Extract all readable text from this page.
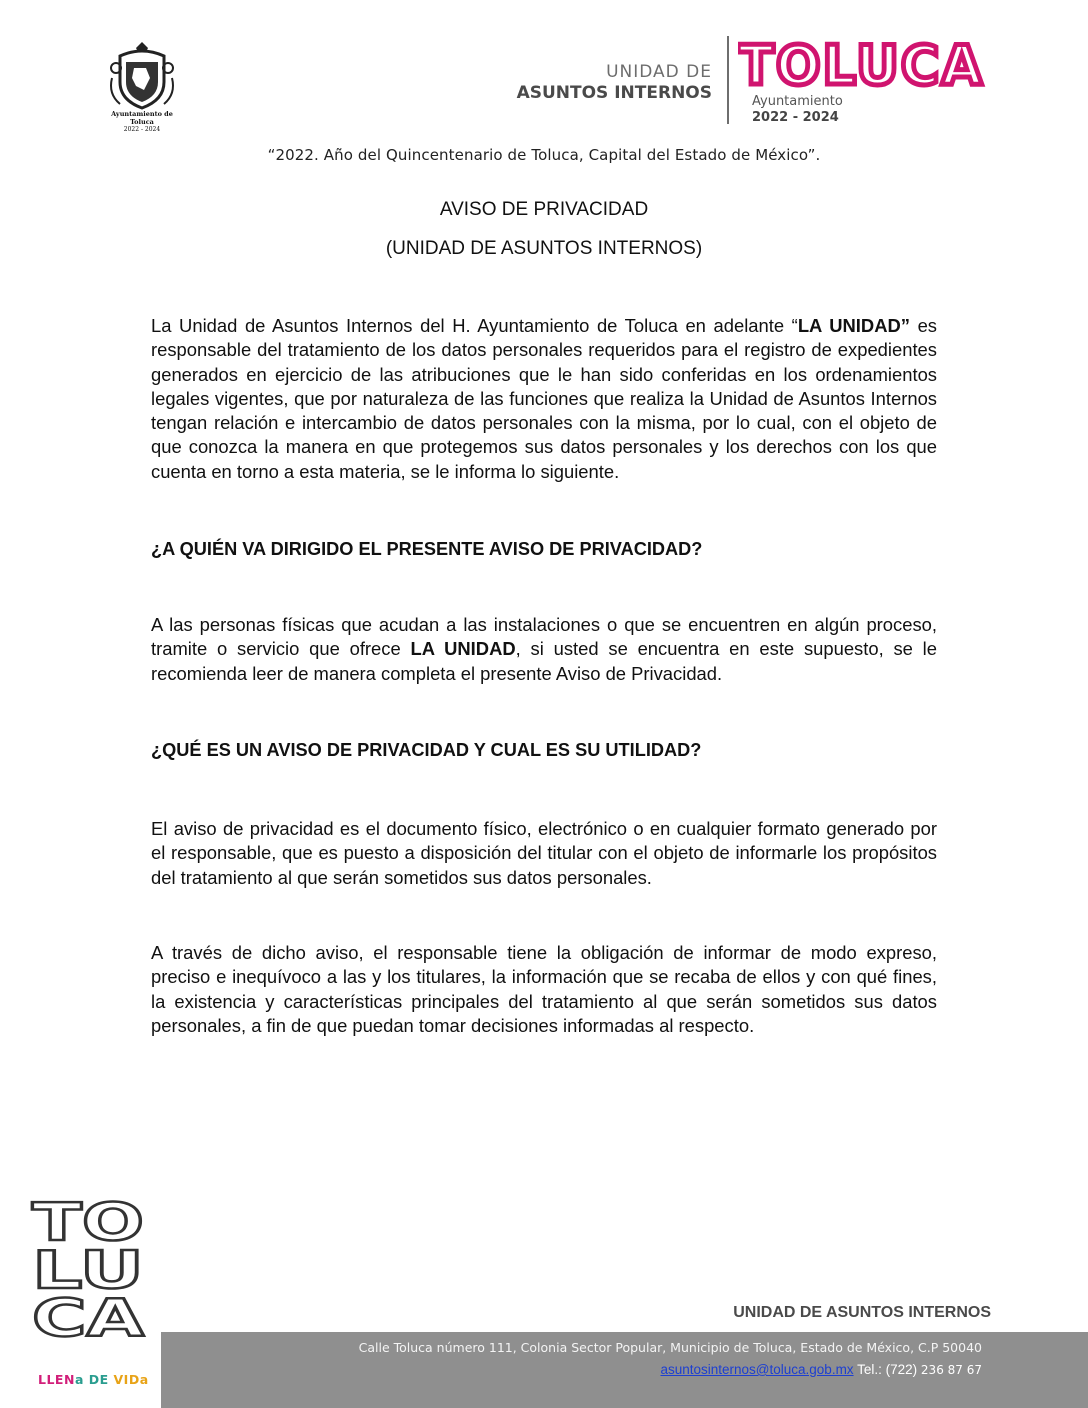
Ayuntamiento de Toluca
2022 - 2024
UNIDAD DE
ASUNTOS INTERNOS TOLUCA
Ayuntamiento
2022 - 2024
“2022. Año del Quincentenario de Toluca, Capital del Estado de México”.
AVISO DE PRIVACIDAD
(UNIDAD DE ASUNTOS INTERNOS)
La Unidad de Asuntos Internos del H. Ayuntamiento de Toluca en adelante “LA UNIDAD” es responsable del tratamiento de los datos personales requeridos para el registro de expedientes generados en ejercicio de las atribuciones que le han sido conferidas en los ordenamientos legales vigentes, que por naturaleza de las funciones que realiza la Unidad de Asuntos Internos tengan relación e intercambio de datos personales con la misma, por lo cual, con el objeto de que conozca la manera en que protegemos sus datos personales y los derechos con los que cuenta en torno a esta materia, se le informa lo siguiente.
¿A QUIÉN VA DIRIGIDO EL PRESENTE AVISO DE PRIVACIDAD?
A las personas físicas que acudan a las instalaciones o que se encuentren en algún proceso, tramite o servicio que ofrece LA UNIDAD, si usted se encuentra en este supuesto, se le recomienda leer de manera completa el presente Aviso de Privacidad.
¿QUÉ ES UN AVISO DE PRIVACIDAD Y CUAL ES SU UTILIDAD?
El aviso de privacidad es el documento físico, electrónico o en cualquier formato generado por el responsable, que es puesto a disposición del titular con el objeto de informarle los propósitos del tratamiento al que serán sometidos sus datos personales.
A través de dicho aviso, el responsable tiene la obligación de informar de modo expreso, preciso e inequívoco a las y los titulares, la información que se recaba de ellos y con qué fines, la existencia y características principales del tratamiento al que serán sometidos sus datos personales, a fin de que puedan tomar decisiones informadas al respecto.
TO
LU
CA
LLENa DE VIDa
UNIDAD DE ASUNTOS INTERNOS
Calle Toluca número 111, Colonia Sector Popular, Municipio de Toluca, Estado de México, C.P 50040
asuntosinternos@toluca.gob.mx Tel.: (722) 236 87 67
